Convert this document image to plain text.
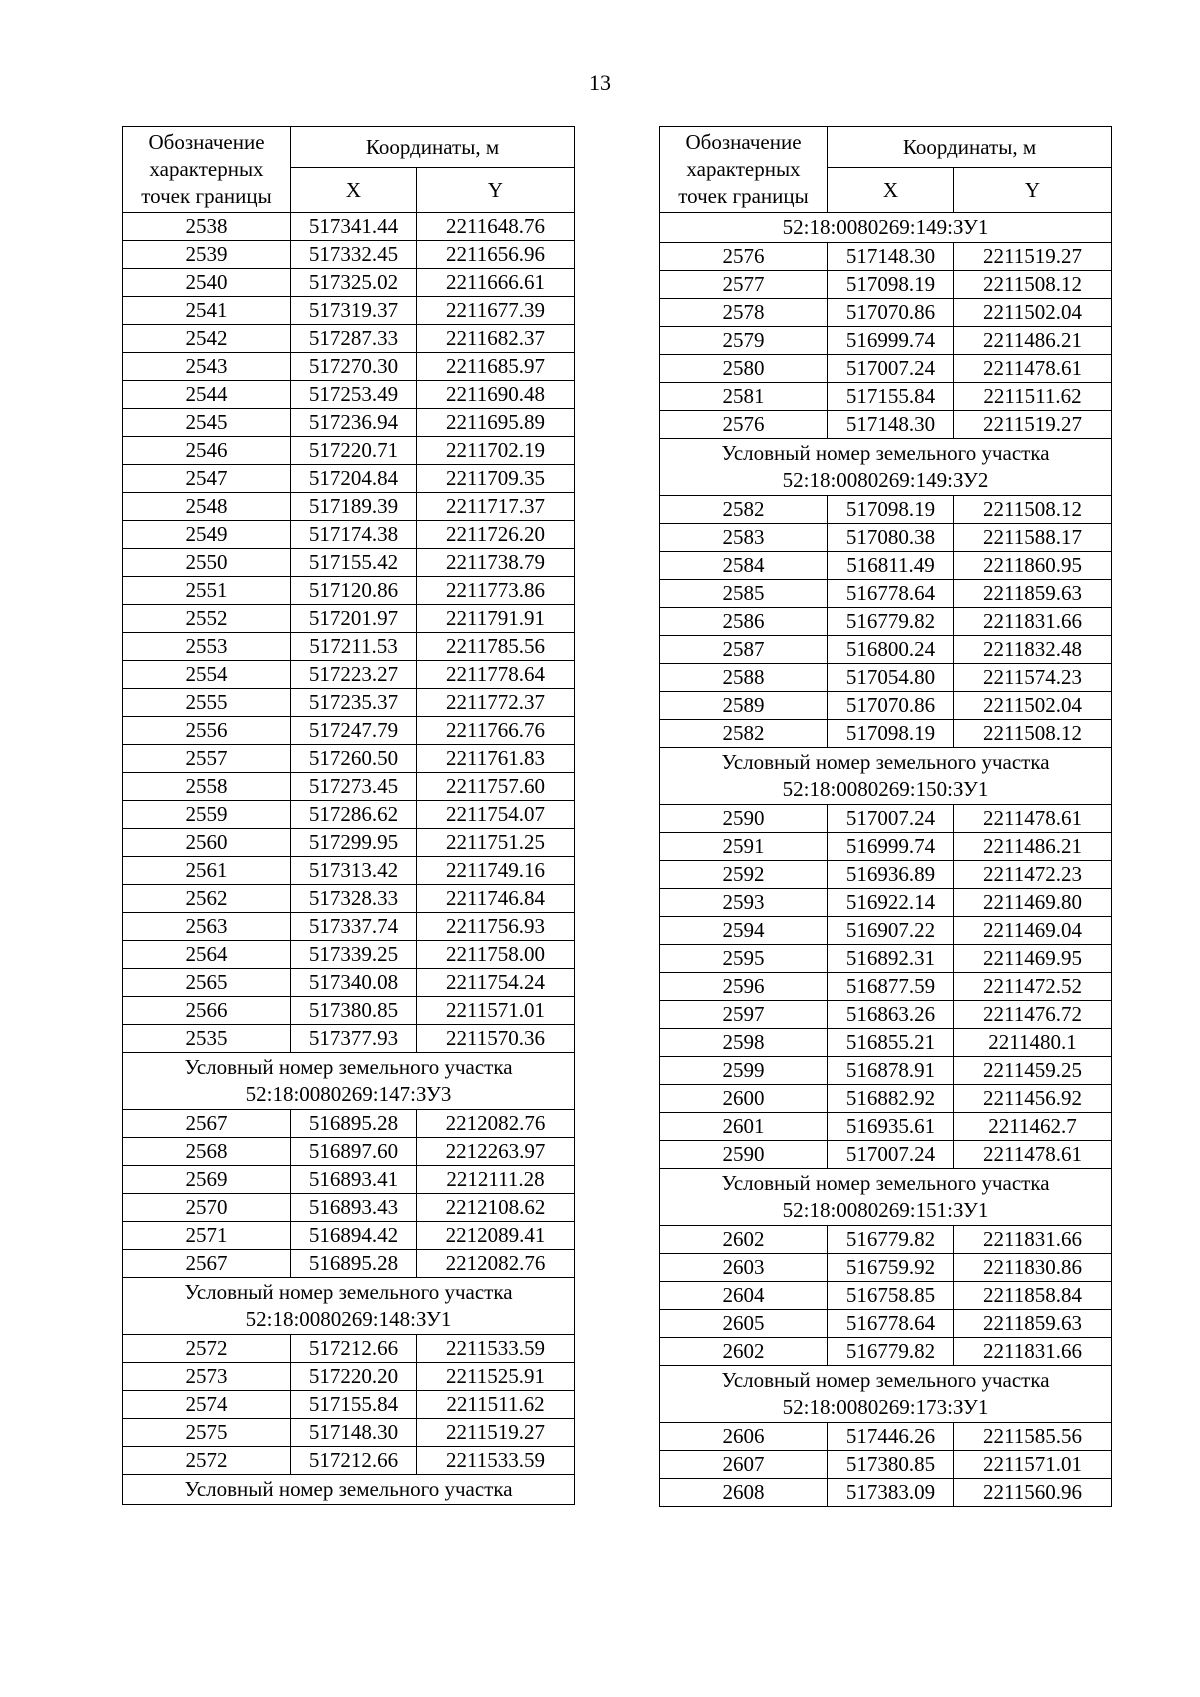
13
Обозначение характерных точек границы	Координаты, м	
	X	Y
2538	517341.44	2211648.76
2539	517332.45	2211656.96
2540	517325.02	2211666.61
2541	517319.37	2211677.39
2542	517287.33	2211682.37
2543	517270.30	2211685.97
2544	517253.49	2211690.48
2545	517236.94	2211695.89
2546	517220.71	2211702.19
2547	517204.84	2211709.35
2548	517189.39	2211717.37
2549	517174.38	2211726.20
2550	517155.42	2211738.79
2551	517120.86	2211773.86
2552	517201.97	2211791.91
2553	517211.53	2211785.56
2554	517223.27	2211778.64
2555	517235.37	2211772.37
2556	517247.79	2211766.76
2557	517260.50	2211761.83
2558	517273.45	2211757.60
2559	517286.62	2211754.07
2560	517299.95	2211751.25
2561	517313.42	2211749.16
2562	517328.33	2211746.84
2563	517337.74	2211756.93
2564	517339.25	2211758.00
2565	517340.08	2211754.24
2566	517380.85	2211571.01
2535	517377.93	2211570.36
Условный номер земельного участка 52:18:0080269:147:ЗУ3		
2567	516895.28	2212082.76
2568	516897.60	2212263.97
2569	516893.41	2212111.28
2570	516893.43	2212108.62
2571	516894.42	2212089.41
2567	516895.28	2212082.76
Условный номер земельного участка 52:18:0080269:148:ЗУ1		
2572	517212.66	2211533.59
2573	517220.20	2211525.91
2574	517155.84	2211511.62
2575	517148.30	2211519.27
2572	517212.66	2211533.59
Условный номер земельного участка		
Обозначение характерных точек границы	Координаты, м	
	X	Y
52:18:0080269:149:ЗУ1		
2576	517148.30	2211519.27
2577	517098.19	2211508.12
2578	517070.86	2211502.04
2579	516999.74	2211486.21
2580	517007.24	2211478.61
2581	517155.84	2211511.62
2576	517148.30	2211519.27
Условный номер земельного участка 52:18:0080269:149:ЗУ2		
2582	517098.19	2211508.12
2583	517080.38	2211588.17
2584	516811.49	2211860.95
2585	516778.64	2211859.63
2586	516779.82	2211831.66
2587	516800.24	2211832.48
2588	517054.80	2211574.23
2589	517070.86	2211502.04
2582	517098.19	2211508.12
Условный номер земельного участка 52:18:0080269:150:ЗУ1		
2590	517007.24	2211478.61
2591	516999.74	2211486.21
2592	516936.89	2211472.23
2593	516922.14	2211469.80
2594	516907.22	2211469.04
2595	516892.31	2211469.95
2596	516877.59	2211472.52
2597	516863.26	2211476.72
2598	516855.21	2211480.1
2599	516878.91	2211459.25
2600	516882.92	2211456.92
2601	516935.61	2211462.7
2590	517007.24	2211478.61
Условный номер земельного участка 52:18:0080269:151:ЗУ1		
2602	516779.82	2211831.66
2603	516759.92	2211830.86
2604	516758.85	2211858.84
2605	516778.64	2211859.63
2602	516779.82	2211831.66
Условный номер земельного участка 52:18:0080269:173:ЗУ1		
2606	517446.26	2211585.56
2607	517380.85	2211571.01
2608	517383.09	2211560.96
